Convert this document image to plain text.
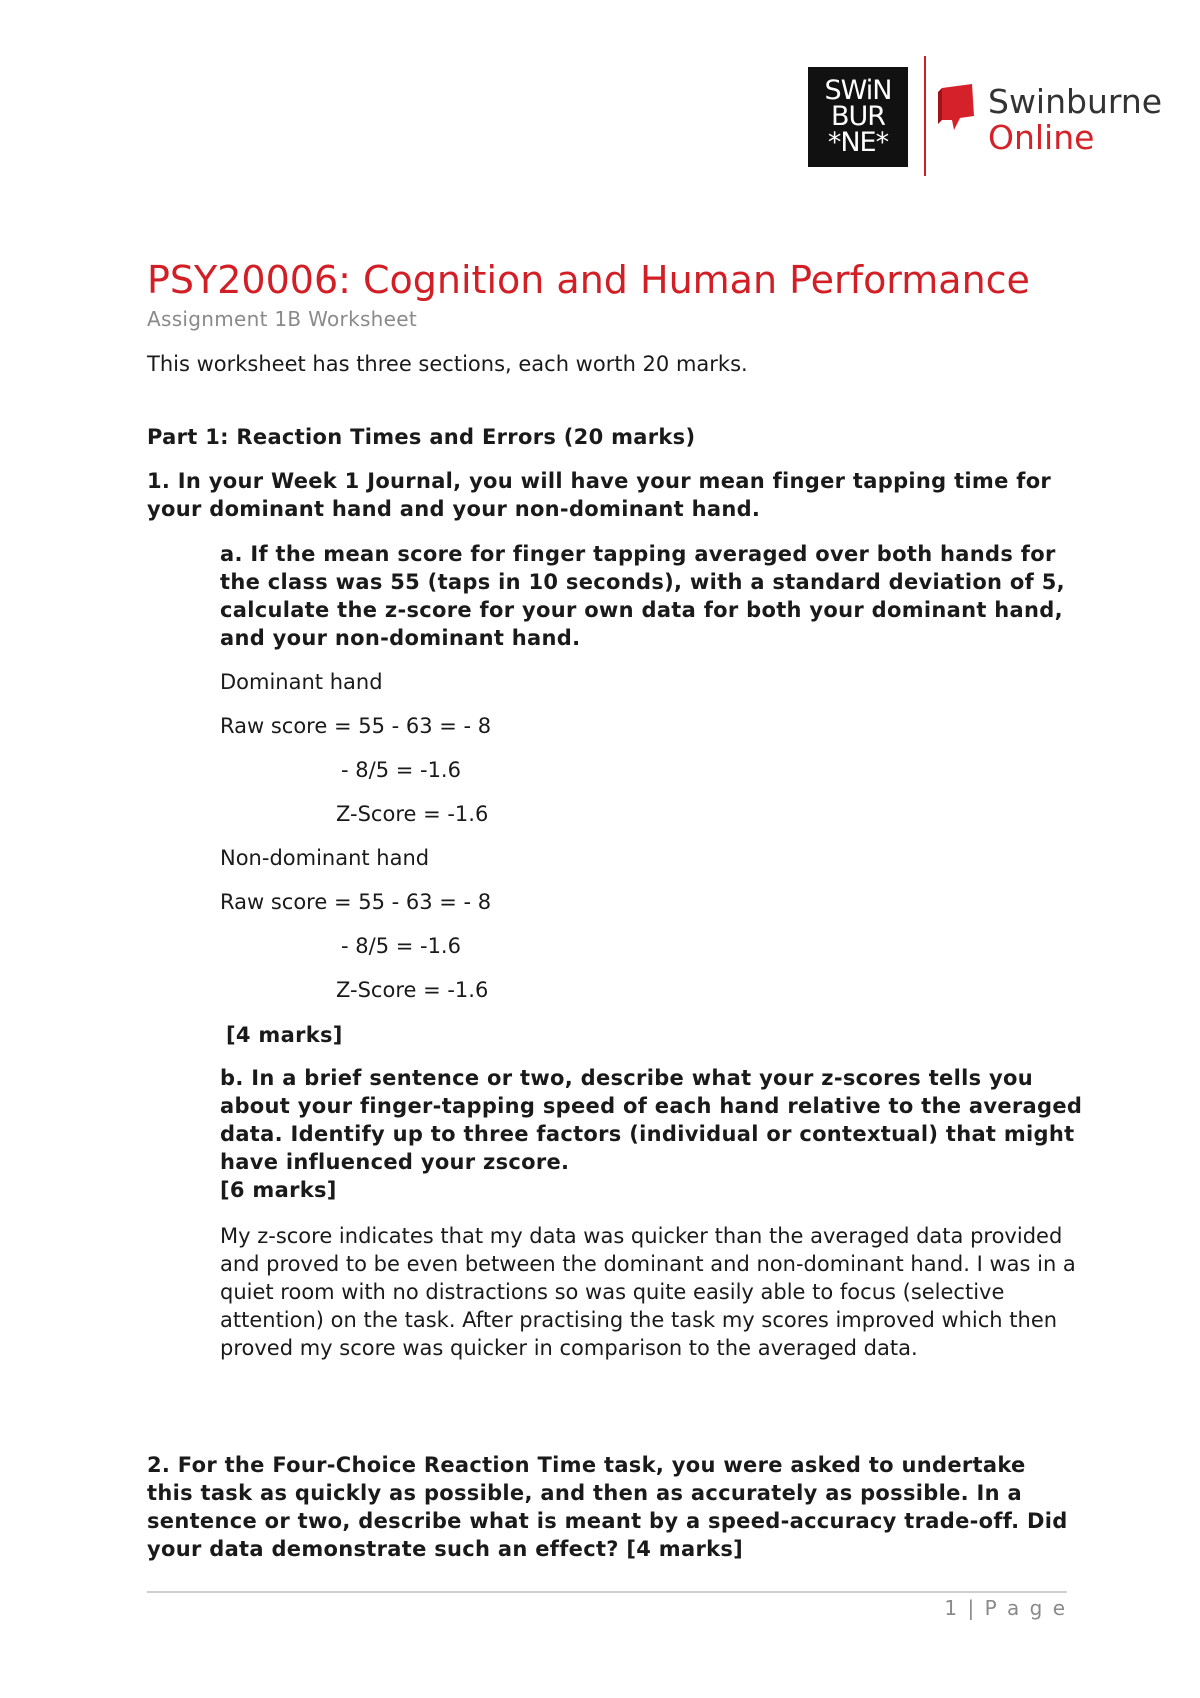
SWiN
BUR
*NE*
Swinburne
Online
PSY20006: Cognition and Human Performance

Assignment 1B Worksheet

This worksheet has three sections, each worth 20 marks.

Part 1: Reaction Times and Errors (20 marks)

1. In your Week 1 Journal, you will have your mean finger tapping time for your dominant hand and your non-dominant hand.

a. If the mean score for finger tapping averaged over both hands for the class was 55 (taps in 10 seconds), with a standard deviation of 5, calculate the z-score for your own data for both your dominant hand, and your non-dominant hand.

Dominant hand

Raw score = 55 - 63 = - 8

- 8/5 = -1.6

Z-Score = -1.6

Non-dominant hand

Raw score = 55 - 63 = - 8

- 8/5 = -1.6

Z-Score = -1.6

[4 marks]

b. In a brief sentence or two, describe what your z-scores tells you about your finger-tapping speed of each hand relative to the averaged data. Identify up to three factors (individual or contextual) that might have influenced your zscore.
[6 marks]

My z-score indicates that my data was quicker than the averaged data provided and proved to be even between the dominant and non-dominant hand. I was in a quiet room with no distractions so was quite easily able to focus (selective attention) on the task. After practising the task my scores improved which then proved my score was quicker in comparison to the averaged data.

2. For the Four-Choice Reaction Time task, you were asked to undertake this task as quickly as possible, and then as accurately as possible. In a sentence or two, describe what is meant by a speed-accuracy trade-off. Did your data demonstrate such an effect? [4 marks]

1 | P a g e
